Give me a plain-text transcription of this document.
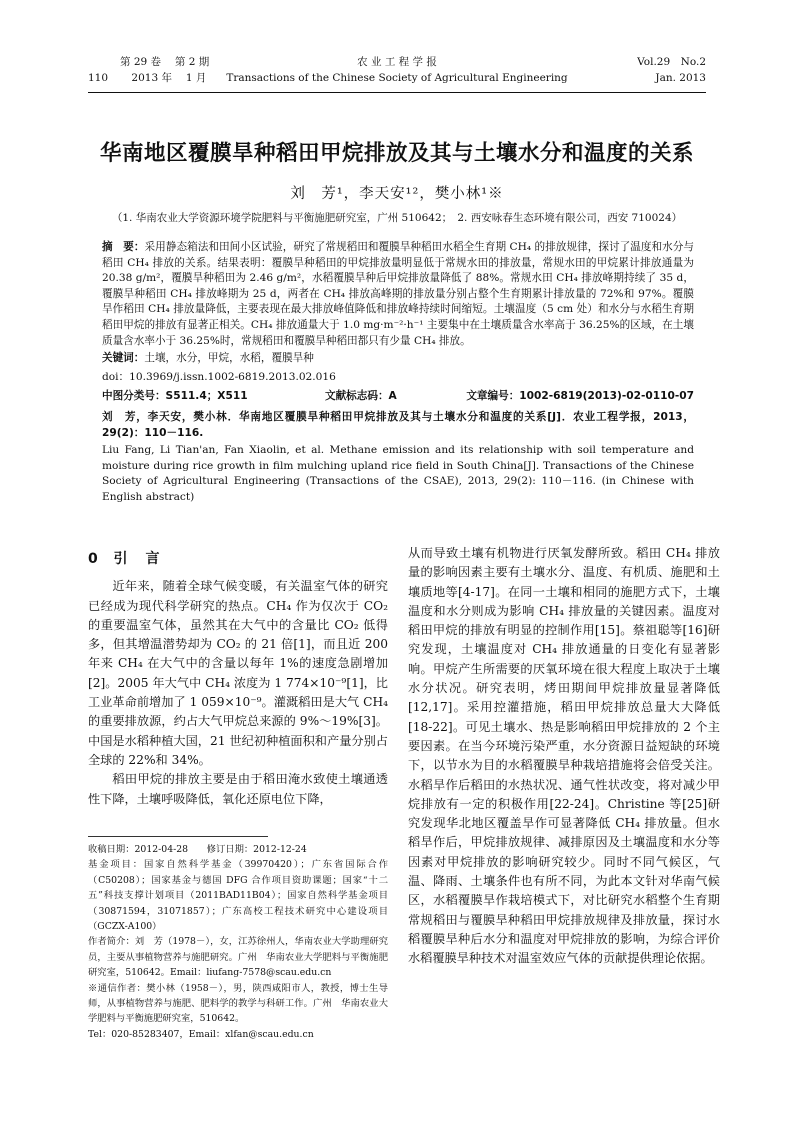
第 29 卷　 第 2 期
110 2013 年　 1 月
农 业 工 程 学 报
Transactions of the Chinese Society of Agricultural Engineering
Vol.29　No.2
Jan. 2013
华南地区覆膜旱种稻田甲烷排放及其与土壤水分和温度的关系
刘　芳¹，李天安¹²，樊小林¹※
（1. 华南农业大学资源环境学院肥料与平衡施肥研究室，广州 510642；　2. 西安咏春生态环境有限公司，西安 710024）
摘　要：采用静态箱法和田间小区试验，研究了常规稻田和覆膜旱种稻田水稻全生育期 CH₄ 的排放规律，探讨了温度和水分与稻田 CH₄ 排放的关系。结果表明：覆膜旱种稻田的甲烷排放量明显低于常规水田的排放量，常规水田的甲烷累计排放通量为 20.38 g/m²，覆膜旱种稻田为 2.46 g/m²，水稻覆膜旱种后甲烷排放量降低了 88%。常规水田 CH₄ 排放峰期持续了 35 d，覆膜旱种稻田 CH₄ 排放峰期为 25 d，两者在 CH₄ 排放高峰期的排放量分别占整个生育期累计排放量的 72%和 97%。覆膜旱作稻田 CH₄ 排放量降低，主要表现在最大排放峰值降低和排放峰持续时间缩短。土壤温度（5 cm 处）和水分与水稻生育期稻田甲烷的排放有显著正相关。CH₄ 排放通量大于 1.0 mg·m⁻²·h⁻¹ 主要集中在土壤质量含水率高于 36.25%的区域，在土壤质量含水率小于 36.25%时，常规稻田和覆膜旱种稻田都只有少量 CH₄ 排放。
关键词：土壤，水分，甲烷，水稻，覆膜旱种
doi：10.3969/j.issn.1002-6819.2013.02.016
中图分类号：S511.4；X511	文献标志码：A	文章编号：1002-6819(2013)-02-0110-07
刘　芳，李天安，樊小林．华南地区覆膜旱种稻田甲烷排放及其与土壤水分和温度的关系[J]．农业工程学报，2013，29(2)：110－116.
Liu Fang, Li Tian'an, Fan Xiaolin, et al. Methane emission and its relationship with soil temperature and moisture during rice growth in film mulching upland rice field in South China[J]. Transactions of the Chinese Society of Agricultural Engineering (Transactions of the CSAE), 2013, 29(2): 110－116. (in Chinese with English abstract)
0 引　言

近年来，随着全球气候变暖，有关温室气体的研究已经成为现代科学研究的热点。CH₄ 作为仅次于 CO₂ 的重要温室气体，虽然其在大气中的含量比 CO₂ 低得多，但其增温潜势却为 CO₂ 的 21 倍[1]，而且近 200 年来 CH₄ 在大气中的含量以每年 1%的速度急剧增加[2]。2005 年大气中 CH₄ 浓度为 1 774×10⁻⁹[1]，比工业革命前增加了 1 059×10⁻⁹。灌溉稻田是大气 CH₄ 的重要排放源，约占大气甲烷总来源的 9%～19%[3]。中国是水稻种植大国，21 世纪初种植面积和产量分别占全球的 22%和 34%。

稻田甲烷的排放主要是由于稻田淹水致使土壤通透性下降，土壤呼吸降低，氧化还原电位下降，

从而导致土壤有机物进行厌氧发酵所致。稻田 CH₄ 排放量的影响因素主要有土壤水分、温度、有机质、施肥和土壤质地等[4-17]。在同一土壤和相同的施肥方式下，土壤温度和水分则成为影响 CH₄ 排放量的关键因素。温度对稻田甲烷的排放有明显的控制作用[15]。蔡祖聪等[16]研究发现，土壤温度对 CH₄ 排放通量的日变化有显著影响。甲烷产生所需要的厌氧环境在很大程度上取决于土壤水分状况。研究表明，烤田期间甲烷排放量显著降低[12,17]。采用控灌措施，稻田甲烷排放总量大大降低[18-22]。可见土壤水、热是影响稻田甲烷排放的 2 个主要因素。在当今环境污染严重，水分资源日益短缺的环境下，以节水为目的水稻覆膜旱种栽培措施将会倍受关注。水稻旱作后稻田的水热状况、通气性状改变，将对减少甲烷排放有一定的积极作用[22-24]。Christine 等[25]研究发现华北地区覆盖旱作可显著降低 CH₄ 排放量。但水稻旱作后，甲烷排放规律、减排原因及土壤温度和水分等因素对甲烷排放的影响研究较少。同时不同气候区，气温、降雨、土壤条件也有所不同，为此本文针对华南气候区，水稻覆膜旱作栽培模式下，对比研究水稻整个生育期常规稻田与覆膜旱种稻田甲烷排放规律及排放量，探讨水稻覆膜旱种后水分和温度对甲烷排放的影响，为综合评价水稻覆膜旱种技术对温室效应气体的贡献提供理论依据。

收稿日期：2012-04-28　　修订日期：2012-12-24

基金项目：国家自然科学基金（39970420）；广东省国际合作（C50208）；国家基金与德国 DFG 合作项目资助课题；国家“十二五”科技支撑计划项目（2011BAD11B04）；国家自然科学基金项目（30871594，31071857）；广东高校工程技术研究中心建设项目（GCZX-A100）

作者简介：刘　芳（1978－），女，江苏徐州人，华南农业大学助理研究员，主要从事植物营养与施肥研究。广州　华南农业大学肥料与平衡施肥研究室，510642。Email：liufang-7578@scau.edu.cn

※通信作者：樊小林（1958－），男，陕西咸阳市人，教授，博士生导师，从事植物营养与施肥、肥料学的教学与科研工作。广州　华南农业大学肥料与平衡施肥研究室，510642。

Tel：020-85283407，Email：xlfan@scau.edu.cn
